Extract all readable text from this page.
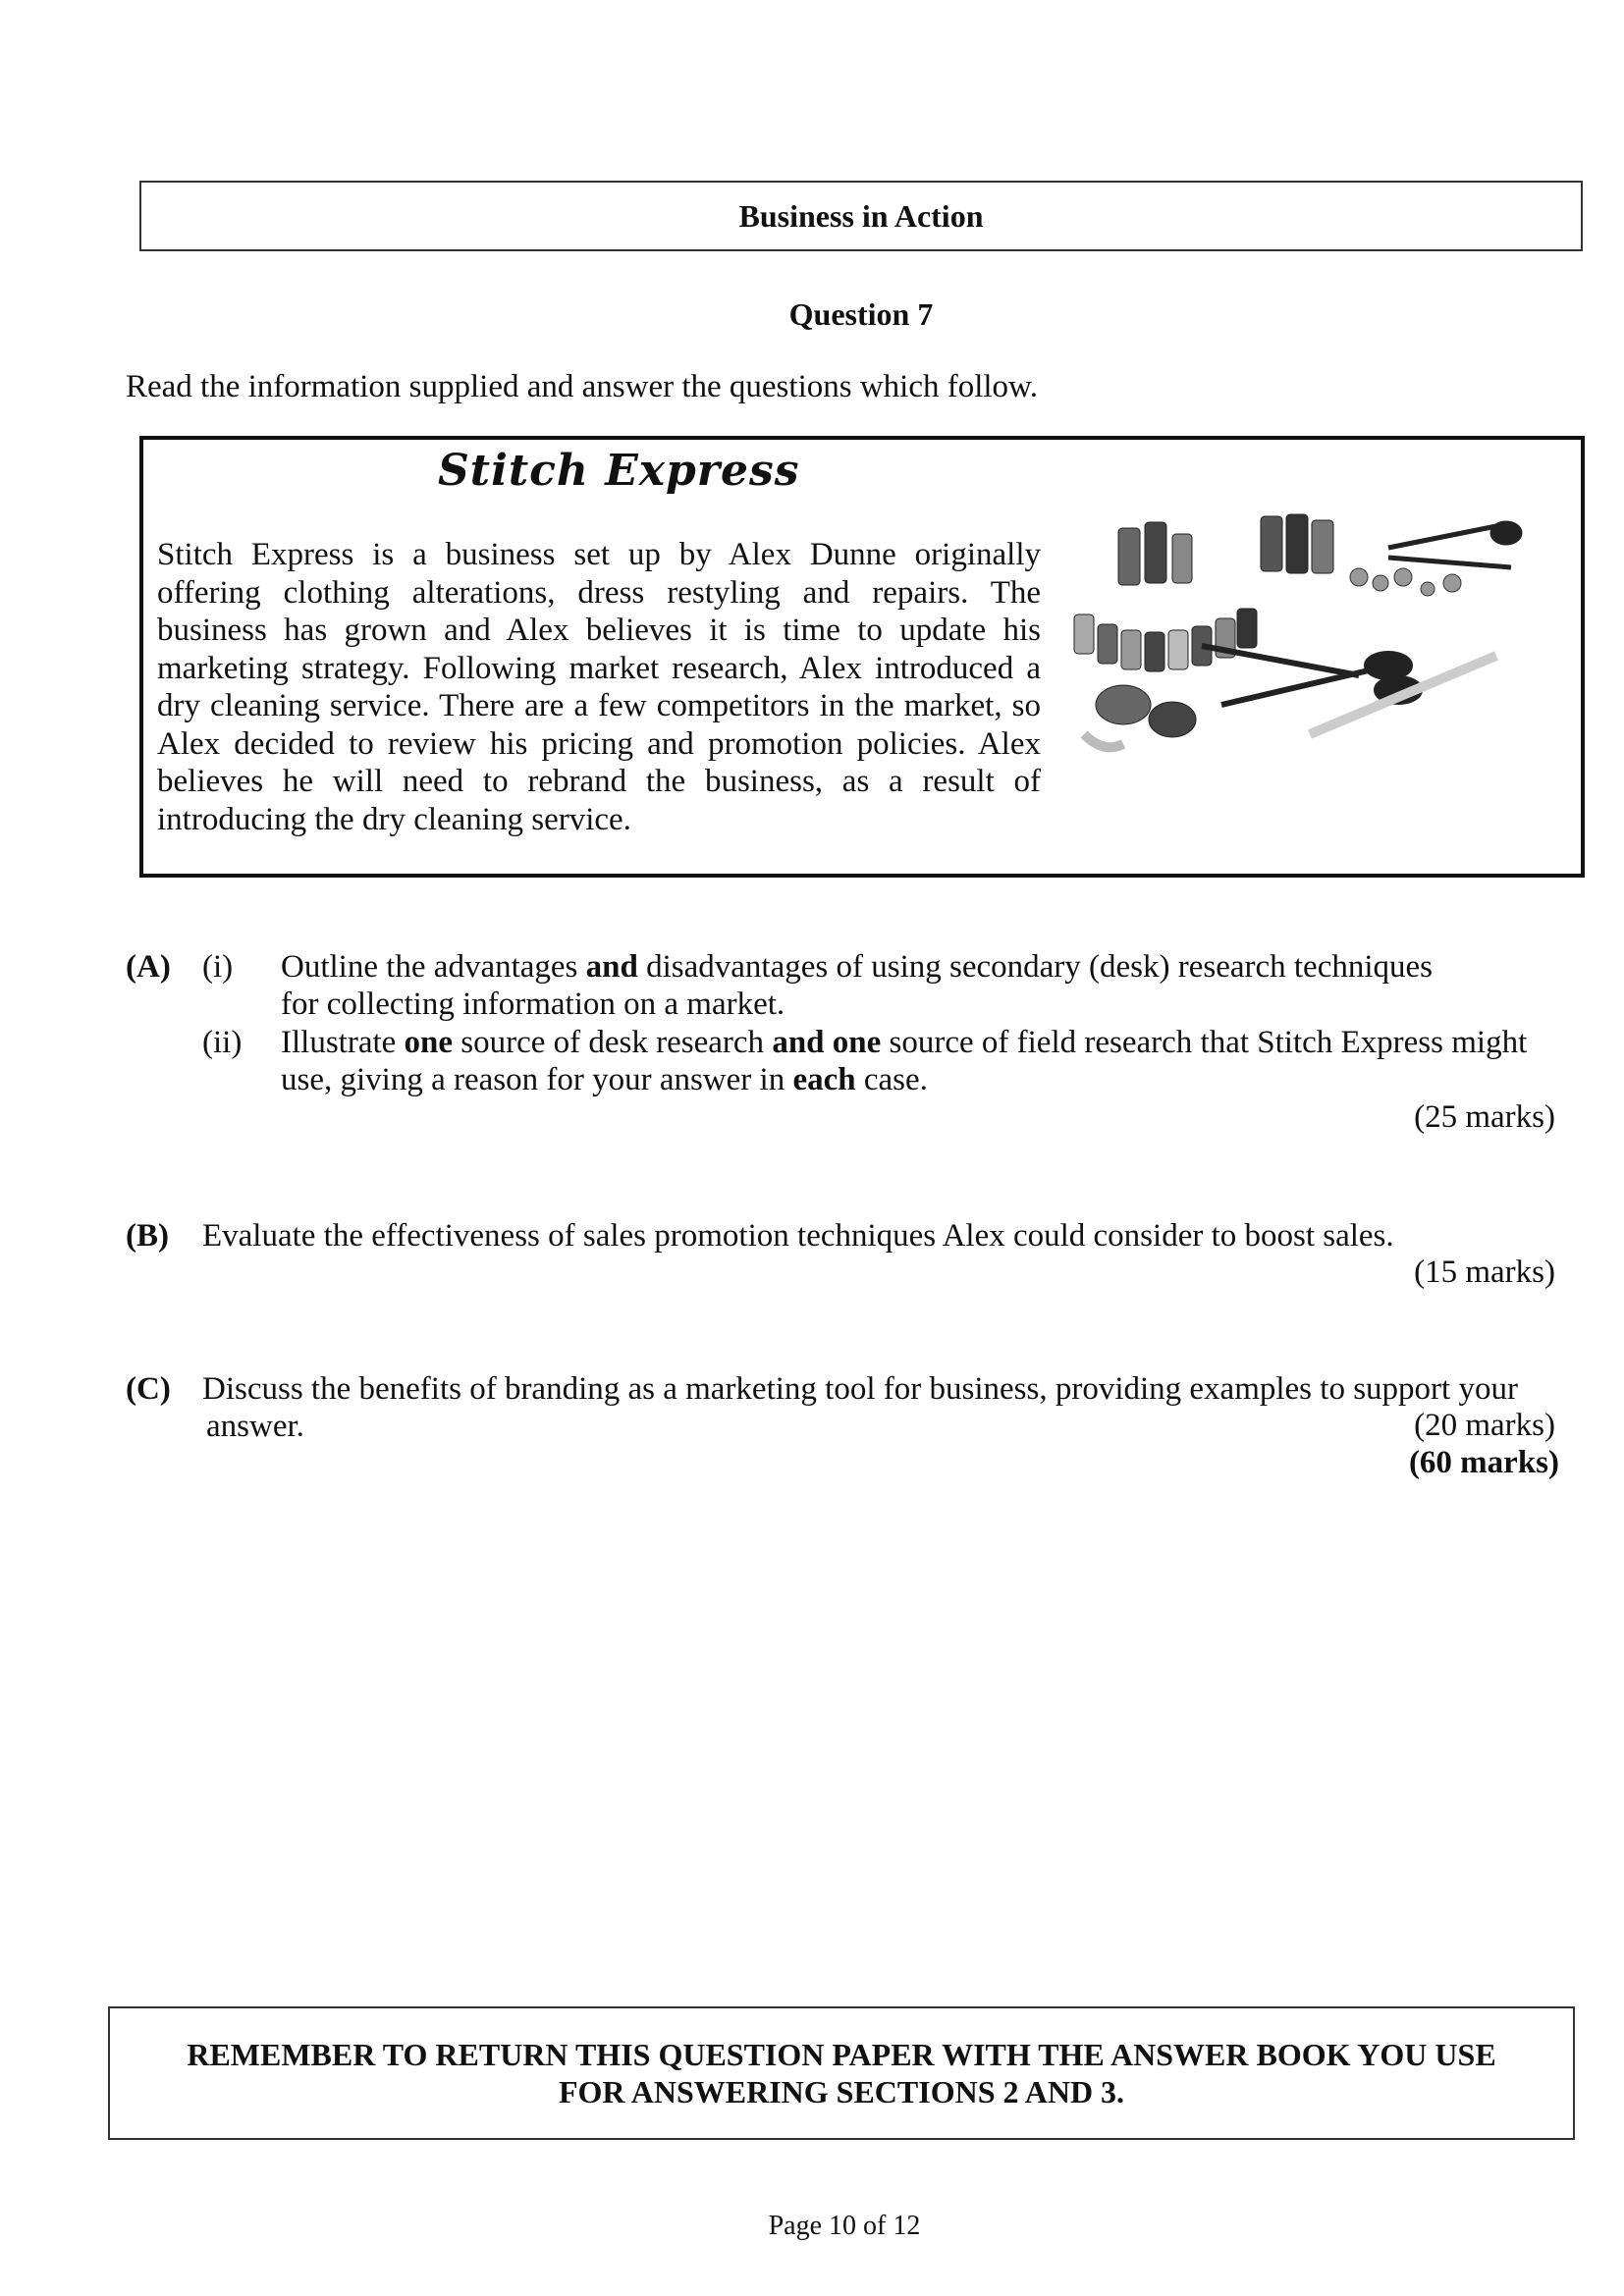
Business in Action
Question 7
Read the information supplied and answer the questions which follow.
Stitch Express
Stitch Express is a business set up by Alex Dunne originally offering clothing alterations, dress restyling and repairs. The business has grown and Alex believes it is time to update his marketing strategy. Following market research, Alex introduced a dry cleaning service. There are a few competitors in the market, so Alex decided to review his pricing and promotion policies. Alex believes he will need to rebrand the business, as a result of introducing the dry cleaning service.
(A) (i) Outline the advantages and disadvantages of using secondary (desk) research techniques
for collecting information on a market.
(ii) Illustrate one source of desk research and one source of field research that Stitch Express might
use, giving a reason for your answer in each case.
(25 marks)
(B) Evaluate the effectiveness of sales promotion techniques Alex could consider to boost sales.
(15 marks)
(C) Discuss the benefits of branding as a marketing tool for business, providing examples to support your
answer.	(20 marks)
(60 marks)
REMEMBER TO RETURN THIS QUESTION PAPER WITH THE ANSWER BOOK YOU USE
FOR ANSWERING SECTIONS 2 AND 3.
Page 10 of 12
